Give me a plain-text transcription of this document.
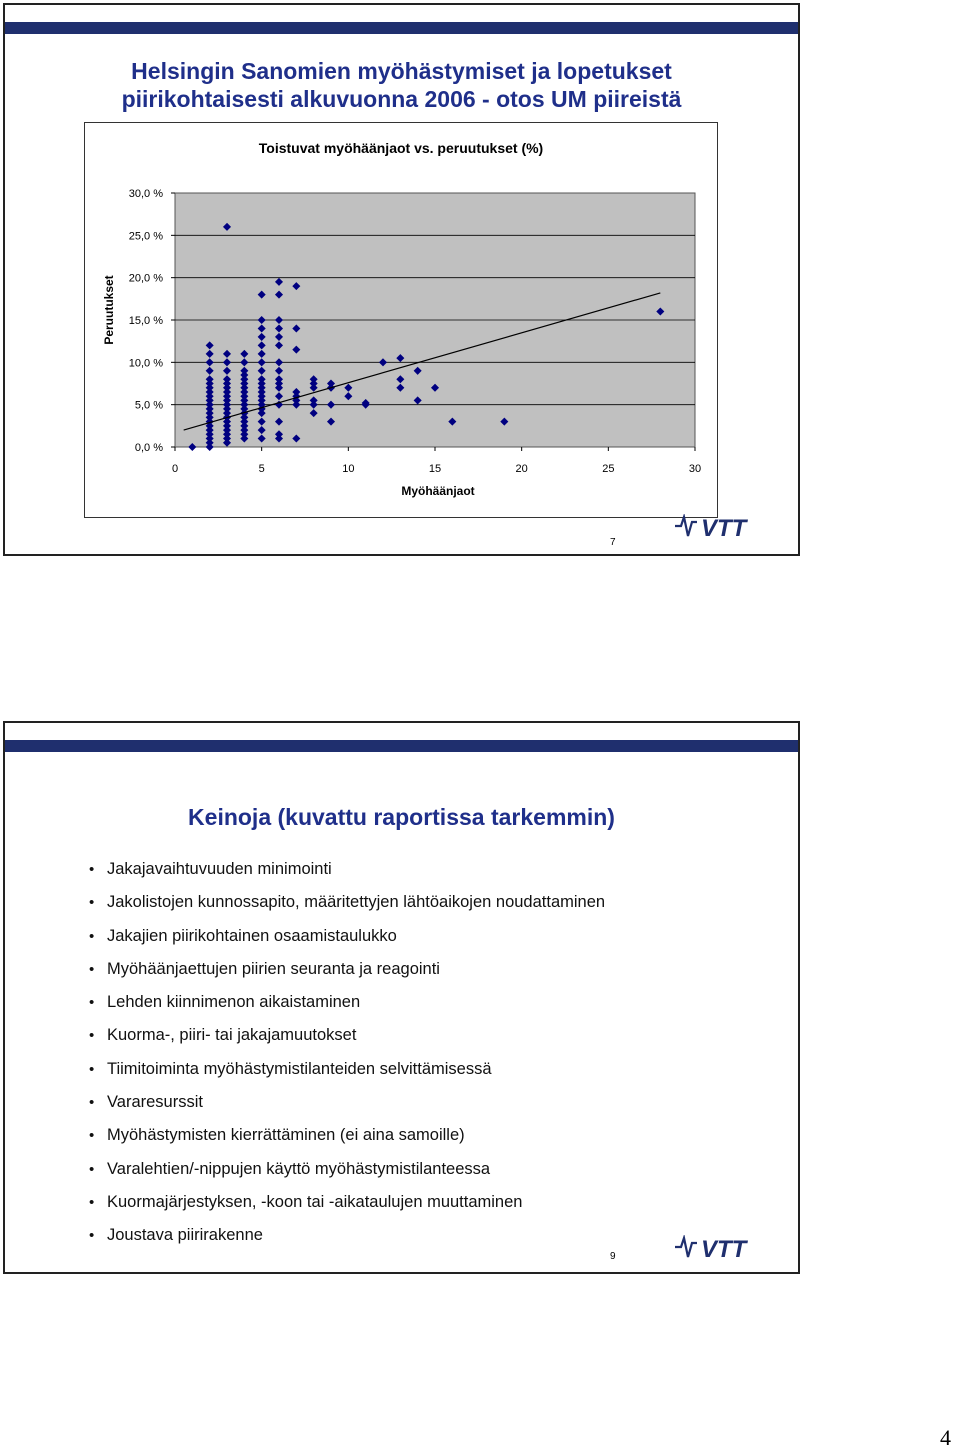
Helsingin Sanomien myöhästymiset ja lopetukset
piirikohtaisesti alkuvuonna 2006 - otos UM piireistä
Toistuvat myöhäänjaot vs. peruutukset (%)
0,0 %
5,0 %
10,0 %
15,0 %
20,0 %
25,0 %
30,0 %
0	5	10	15	20	25	30
Myöhäänjaot
Peruutukset
VTT
7
Keinoja (kuvattu raportissa tarkemmin)
• Jakajavaihtuvuuden minimointi
• Jakolistojen kunnossapito, määritettyjen lähtöaikojen noudattaminen
• Jakajien piirikohtainen osaamistaulukko
• Myöhäänjaettujen piirien seuranta ja reagointi
• Lehden kiinnimenon aikaistaminen
• Kuorma-, piiri- tai jakajamuutokset
• Tiimitoiminta myöhästymistilanteiden selvittämisessä
• Vararesurssit
• Myöhästymisten kierrättäminen (ei aina samoille)
• Varalehtien/-nippujen käyttö myöhästymistilanteessa
• Kuormajärjestyksen, -koon tai -aikataulujen muuttaminen
• Joustava piirirakenne
VTT
9
4
